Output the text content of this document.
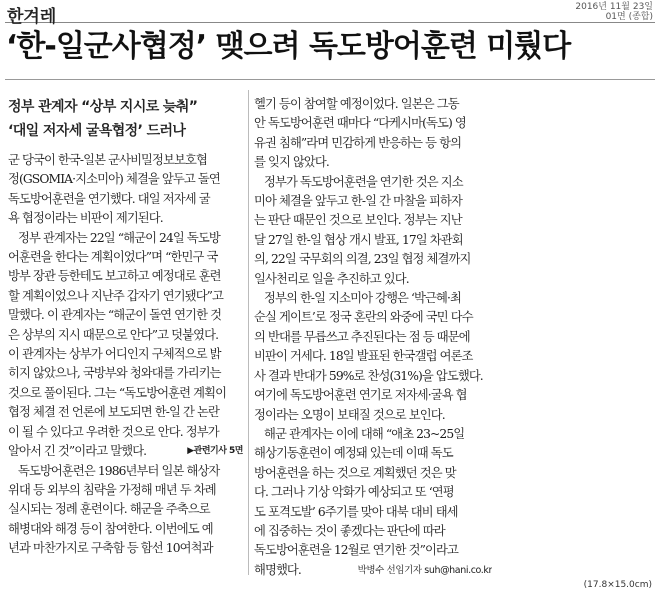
한겨레	2016년 11월 23일
01면 (종합)
‘한-일군사협정’ 맺으려 독도방어훈련 미뤘다
정부 관계자 “상부 지시로 늦춰”
‘대일 저자세 굴욕협정’ 드러나
군 당국이 한국-일본 군사비밀정보보호협
정(GSOMIA·지소미아) 체결을 앞두고 돌연
독도방어훈련을 연기했다. 대일 저자세 굴
욕 협정이라는 비판이 제기된다.
정부 관계자는 22일 “해군이 24일 독도방
어훈련을 한다는 계획이었다”며 “한민구 국
방부 장관 등한테도 보고하고 예정대로 훈련
할 계획이었으나 지난주 갑자기 연기됐다”고
말했다. 이 관계자는 “해군이 돌연 연기한 것
은 상부의 지시 때문으로 안다”고 덧붙였다.
이 관계자는 상부가 어디인지 구체적으로 밝
히지 않았으나, 국방부와 청와대를 가리키는
것으로 풀이된다. 그는 “독도방어훈련 계획이
협정 체결 전 언론에 보도되면 한-일 간 논란
이 될 수 있다고 우려한 것으로 안다. 정부가
알아서 긴 것”이라고 말했다.	▶관련기사 5면
독도방어훈련은 1986년부터 일본 해상자
위대 등 외부의 침략을 가정해 매년 두 차례
실시되는 정례 훈련이다. 해군을 주축으로
해병대와 해경 등이 참여한다. 이번에도 예
년과 마찬가지로 구축함 등 함선 10여척과
헬기 등이 참여할 예정이었다. 일본은 그동
안 독도방어훈련 때마다 “다케시마(독도) 영
유권 침해”라며 민감하게 반응하는 등 항의
를 잊지 않았다.
정부가 독도방어훈련을 연기한 것은 지소
미아 체결을 앞두고 한-일 간 마찰을 피하자
는 판단 때문인 것으로 보인다. 정부는 지난
달 27일 한-일 협상 개시 발표, 17일 차관회
의, 22일 국무회의 의결, 23일 협정 체결까지
일사천리로 일을 추진하고 있다.
정부의 한-일 지소미아 강행은 ‘박근혜·최
순실 게이트’로 정국 혼란의 와중에 국민 다수
의 반대를 무릅쓰고 추진된다는 점 등 때문에
비판이 거세다. 18일 발표된 한국갤럽 여론조
사 결과 반대가 59%로 찬성(31%)을 압도했다.
여기에 독도방어훈련 연기로 저자세·굴욕 협
정이라는 오명이 보태질 것으로 보인다.
해군 관계자는 이에 대해 “애초 23~25일
해상기동훈련이 예정돼 있는데 이때 독도
방어훈련을 하는 것으로 계획했던 것은 맞
다. 그러나 기상 악화가 예상되고 또 ‘연평
도 포격도발’ 6주기를 맞아 대북 대비 태세
에 집중하는 것이 좋겠다는 판단에 따라
독도방어훈련을 12월로 연기한 것”이라고
해명했다.	박병수 선임기자 suh@hani.co.kr
(17.8×15.0cm)
